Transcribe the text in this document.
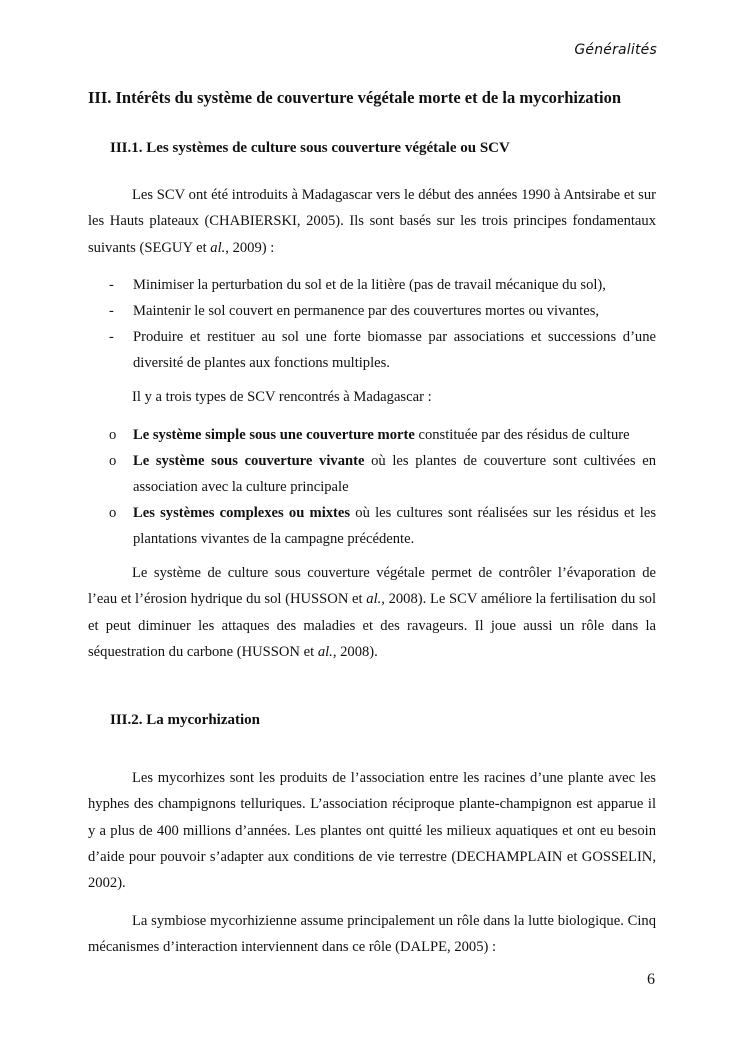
Généralités
III. Intérêts du système de couverture végétale morte et de la mycorhization
III.1. Les systèmes de culture sous couverture végétale ou SCV

Les SCV ont été introduits à Madagascar vers le début des années 1990 à Antsirabe et sur les Hauts plateaux (CHABIERSKI, 2005). Ils sont basés sur les trois principes fondamentaux suivants (SEGUY et al., 2009) :

-	Minimiser la perturbation du sol et de la litière (pas de travail mécanique du sol),
-	Maintenir le sol couvert en permanence par des couvertures mortes ou vivantes,
-	Produire et restituer au sol une forte biomasse par associations et successions d’une diversité de plantes aux fonctions multiples.

Il y a trois types de SCV rencontrés à Madagascar :

o	Le système simple sous une couverture morte constituée par des résidus de culture
o	Le système sous couverture vivante où les plantes de couverture sont cultivées en association avec la culture principale
o	Les systèmes complexes ou mixtes où les cultures sont réalisées sur les résidus et les plantations vivantes de la campagne précédente.

Le système de culture sous couverture végétale permet de contrôler l’évaporation de l’eau et l’érosion hydrique du sol (HUSSON et al., 2008). Le SCV améliore la fertilisation du sol et peut diminuer les attaques des maladies et des ravageurs. Il joue aussi un rôle dans la séquestration du carbone (HUSSON et al., 2008).

III.2. La mycorhization

Les mycorhizes sont les produits de l’association entre les racines d’une plante avec les hyphes des champignons telluriques. L’association réciproque plante-champignon est apparue il y a plus de 400 millions d’années. Les plantes ont quitté les milieux aquatiques et ont eu besoin d’aide pour pouvoir s’adapter aux conditions de vie terrestre (DECHAMPLAIN et GOSSELIN, 2002).

La symbiose mycorhizienne assume principalement un rôle dans la lutte biologique. Cinq mécanismes d’interaction interviennent dans ce rôle (DALPE, 2005) :

6
